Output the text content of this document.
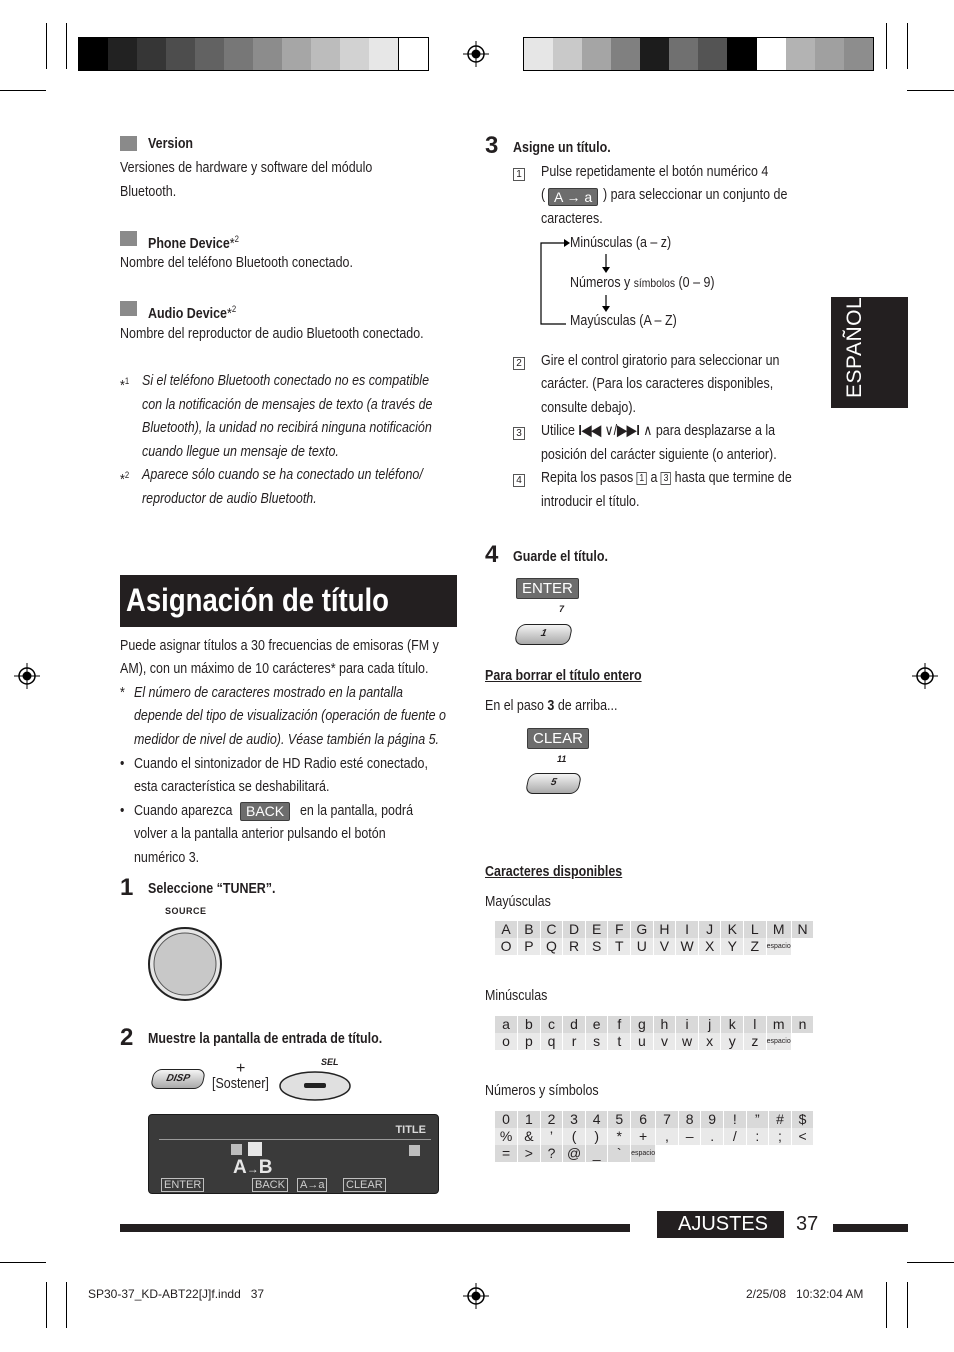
Version
Versiones de hardware y software del módulo
Bluetooth.
Phone Device*$^2$
Nombre del teléfono Bluetooth conectado.
Audio Device*$^2$
Nombre del reproductor de audio Bluetooth conectado.
*$^1$ Si el teléfono Bluetooth conectado no es compatible
con la notificación de mensajes de texto (a través de
Bluetooth), la unidad no recibirá ninguna notificación
cuando llegue un mensaje de texto.
*$^2$ Aparece sólo cuando se ha conectado un teléfono/
reproductor de audio Bluetooth.
Asignación de título
Puede asignar títulos a 30 frecuencias de emisoras (FM y
AM), con un máximo de 10 carácteres* para cada título.
* El número de caracteres mostrado en la pantalla
depende del tipo de visualización (operación de fuente o
medidor de nivel de audio). Véase también la página 5.
• Cuando el sintonizador de HD Radio esté conectado,
esta característica se deshabilitará.
• Cuando aparezca BACK	en la pantalla, podrá
volver a la pantalla anterior pulsando el botón
numérico 3.
1 Seleccione “TUNER”.
SOURCE
2 Muestre la pantalla de entrada de título.
DISP
+
[Sostener]
SEL
TITLE
A→B
ENTER	BACK A→a CLEAR
3 Asigne un título.
1 Pulse repetidamente el botón numérico 4
( A → a ) para seleccionar un conjunto de
caracteres.
Minúsculas (a – z)
Números y símbolos (0 – 9)
Mayúsculas (A – Z)
2 Gire el control giratorio para seleccionar un
carácter. (Para los caracteres disponibles,
consulte debajo).
3 Utilice I◀◀ ∨/▶▶I ∧ para desplazarse a la
posición del carácter siguiente (o anterior).
4 Repita los pasos 1 a 3 hasta que termine de
introducir el título.
4 Guarde el título.
ENTER
7
1
Para borrar el título entero
En el paso 3 de arriba...
CLEAR
11
5
Caracteres disponibles
Mayúsculas
A	B	C	D	E	F	G	H	I	J	K	L	M	N
O	P	Q	R	S	T	U	V	W	X	Y	Z	espacio	
Minúsculas
a	b	c	d	e	f	g	h	i	j	k	l	m	n
o	p	q	r	s	t	u	v	w	x	y	z	espacio	
Números y símbolos
0	1	2	3	4	5	6	7	8	9	!	”	#	$
%	&	’	(	)	*	+	,	–	.	/	:	;	<
=	>	?	@	_	`	espacio							
ESPAÑOL
AJUSTES 37
SP30-37_KD-ABT22[J]f.indd   37	2/25/08   10:32:04 AM
